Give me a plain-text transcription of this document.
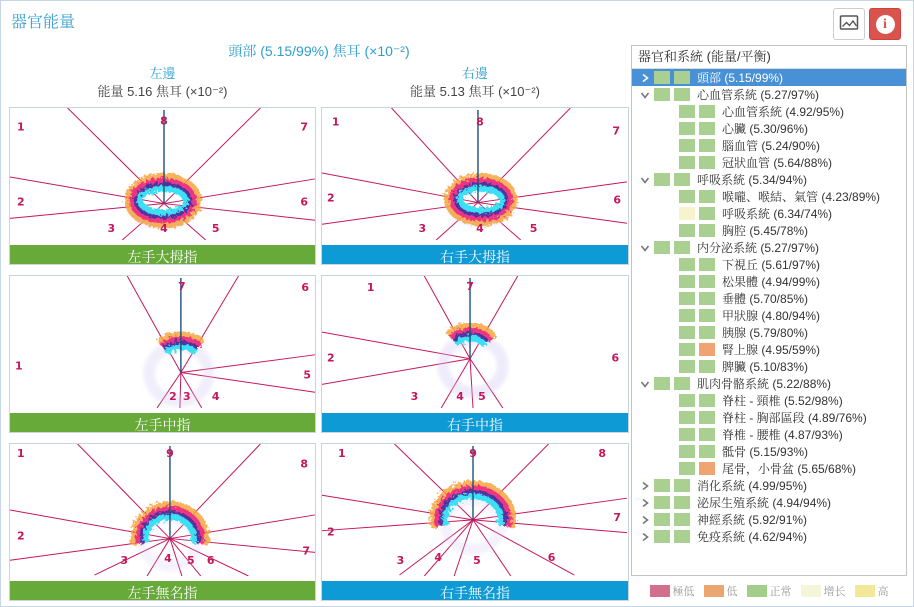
器官能量	i
頭部 (5.15/99%) 焦耳 (×10⁻²)
左邊
能量 5.16 焦耳 (×10⁻²)
右邊
能量 5.13 焦耳 (×10⁻²)
1
2
3	4	5
6
7
8
左手大拇指
1
2
3	4	5
6
7
8
右手大拇指
1
2 3 4
5
6
7
左手中指
1
2
3	4 5
6
7
右手中指
1
2
3	4 5 6
7
8
9
左手無名指
1
2
3	4	5	6
7
8
9
右手無名指
器官和系統 (能量/平衡)
頭部 (5.15/99%)
心血管系統 (5.27/97%)
心血管系統 (4.92/95%)
心臟 (5.30/96%)
腦血管 (5.24/90%)
冠狀血管 (5.64/88%)
呼吸系統 (5.34/94%)
喉嚨、喉結、氣管 (4.23/89%)
呼吸系統 (6.34/74%)
胸腔 (5.45/78%)
内分泌系統 (5.27/97%)
下視丘 (5.61/97%)
松果體 (4.94/99%)
垂體 (5.70/85%)
甲狀腺 (4.80/94%)
胰腺 (5.79/80%)
腎上腺 (4.95/59%)
脾臟 (5.10/83%)
肌肉骨骼系統 (5.22/88%)
脊柱 - 頸椎 (5.52/98%)
脊柱 - 胸部區段 (4.89/76%)
脊椎 - 腰椎 (4.87/93%)
骶骨 (5.15/93%)
尾骨，小骨盆 (5.65/68%)
消化系統 (4.99/95%)
泌尿生殖系統 (4.94/94%)
神經系統 (5.92/91%)
免疫系統 (4.62/94%)
極低	低	正常	增长	高
